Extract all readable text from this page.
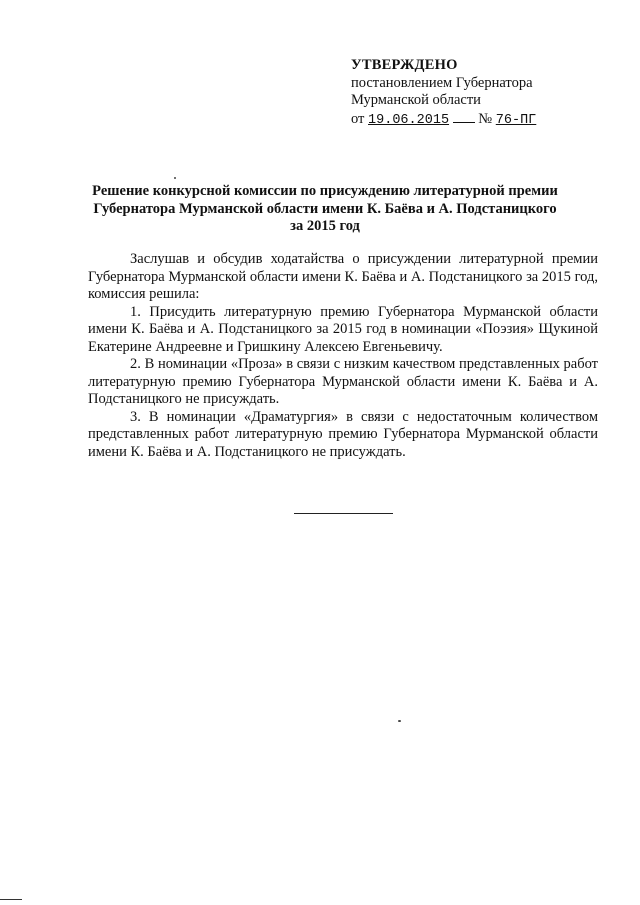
УТВЕРЖДЕНО
постановлением Губернатора
Мурманской области
от 19.06.2015 № 76-ПГ
Решение конкурсной комиссии по присуждению литературной премии
Губернатора Мурманской области имени К. Баёва и А. Подстаницкого
за 2015 год

Заслушав и обсудив ходатайства о присуждении литературной премии Губернатора Мурманской области имени К. Баёва и А. Подстаницкого за 2015 год, комиссия решила:

1. Присудить литературную премию Губернатора Мурманской области имени К. Баёва и А. Подстаницкого за 2015 год в номинации «Поэзия» Щукиной Екатерине Андреевне и Гришкину Алексею Евгеньевичу.

2. В номинации «Проза» в связи с низким качеством представленных работ литературную премию Губернатора Мурманской области имени К. Баёва и А. Подстаницкого не присуждать.

3. В номинации «Драматургия» в связи с недостаточным количеством представленных работ литературную премию Губернатора Мурманской области имени К. Баёва и А. Подстаницкого не присуждать.
